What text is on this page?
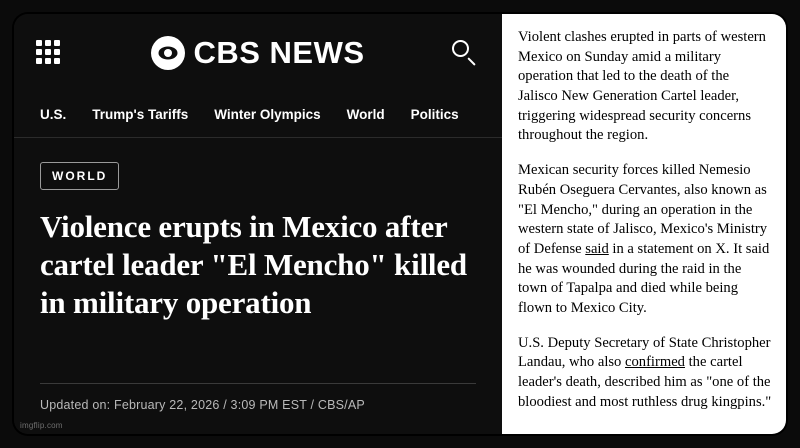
CBS NEWS
U.S. Trump's Tariffs Winter Olympics World Politics
WORLD
Violence erupts in Mexico after cartel leader "El Mencho" killed in military operation
Updated on: February 22, 2026 / 3:09 PM EST / CBS/AP
imgflip.com

Violent clashes erupted in parts of western Mexico on Sunday amid a military operation that led to the death of the Jalisco New Generation Cartel leader, triggering widespread security concerns throughout the region.

Mexican security forces killed Nemesio Rubén Oseguera Cervantes, also known as "El Mencho," during an operation in the western state of Jalisco, Mexico's Ministry of Defense said in a statement on X. It said he was wounded during the raid in the town of Tapalpa and died while being flown to Mexico City.

U.S. Deputy Secretary of State Christopher Landau, who also confirmed the cartel leader's death, described him as "one of the bloodiest and most ruthless drug kingpins."
